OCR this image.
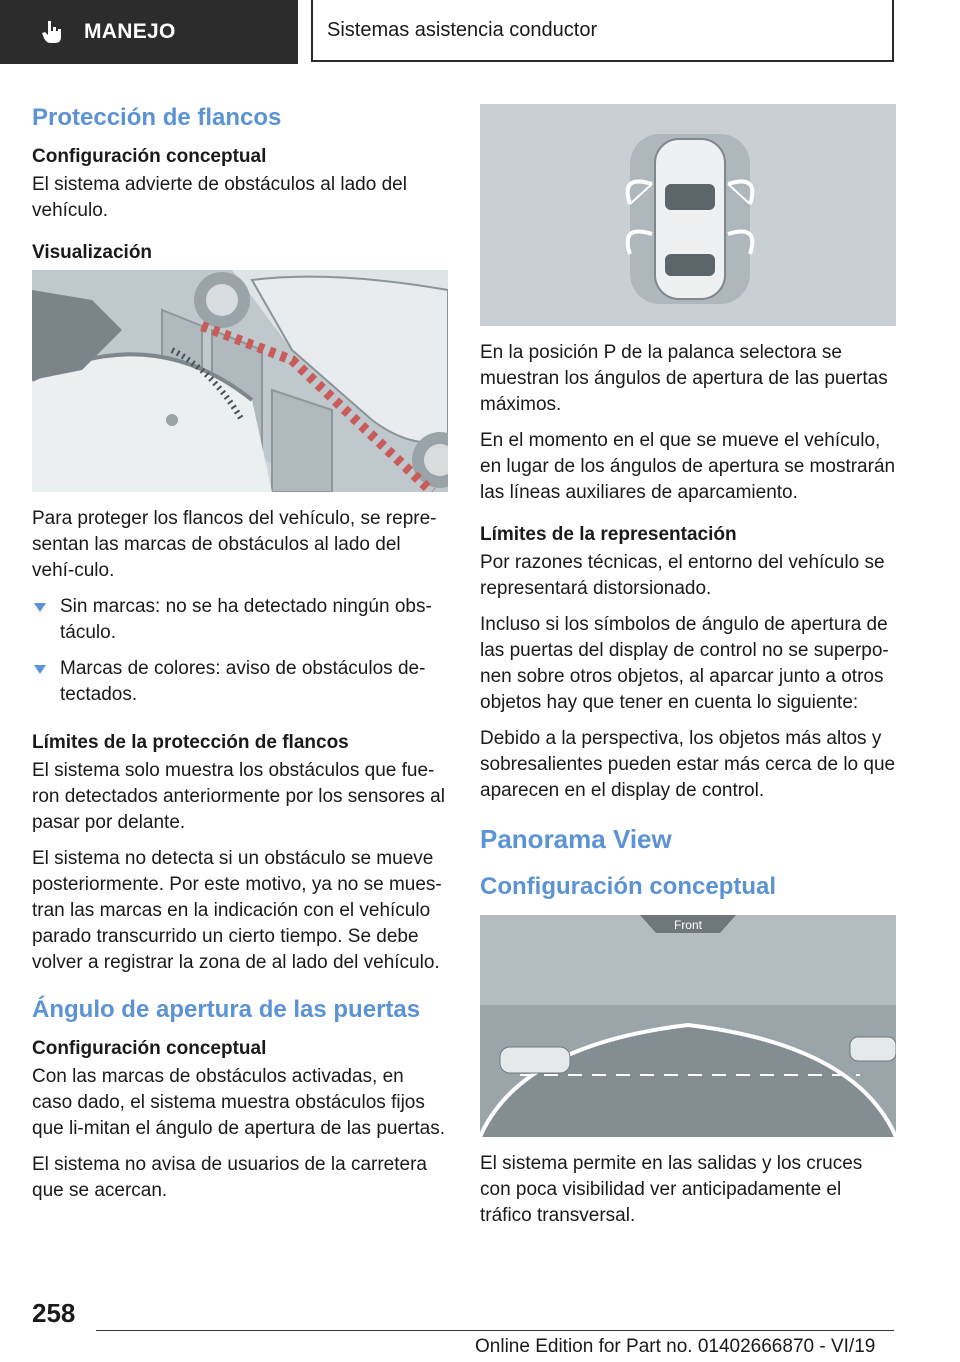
MANEJO	Sistemas asistencia conductor
Protección de flancos
Configuración conceptual

El sistema advierte de obstáculos al lado del vehículo.

Visualización

Para proteger los flancos del vehículo, se repre-sentan las marcas de obstáculos al lado del vehí-culo.

Sin marcas: no se ha detectado ningún obs-táculo.
Marcas de colores: aviso de obstáculos de-tectados.
Límites de la protección de flancos

El sistema solo muestra los obstáculos que fue-ron detectados anteriormente por los sensores al pasar por delante.

El sistema no detecta si un obstáculo se mueve posteriormente. Por este motivo, ya no se mues-tran las marcas en la indicación con el vehículo parado transcurrido un cierto tiempo. Se debe volver a registrar la zona de al lado del vehículo.

Ángulo de apertura de las puertas
Configuración conceptual

Con las marcas de obstáculos activadas, en caso dado, el sistema muestra obstáculos fijos que li-mitan el ángulo de apertura de las puertas.

El sistema no avisa de usuarios de la carretera que se acercan.

En la posición P de la palanca selectora se muestran los ángulos de apertura de las puertas máximos.

En el momento en el que se mueve el vehículo, en lugar de los ángulos de apertura se mostrarán las líneas auxiliares de aparcamiento.

Límites de la representación

Por razones técnicas, el entorno del vehículo se representará distorsionado.

Incluso si los símbolos de ángulo de apertura de las puertas del display de control no se superpo-nen sobre otros objetos, al aparcar junto a otros objetos hay que tener en cuenta lo siguiente:

Debido a la perspectiva, los objetos más altos y sobresalientes pueden estar más cerca de lo que aparecen en el display de control.

Panorama View
Configuración conceptual
Front

El sistema permite en las salidas y los cruces con poca visibilidad ver anticipadamente el tráfico transversal.

258
Online Edition for Part no. 01402666870 - VI/19
